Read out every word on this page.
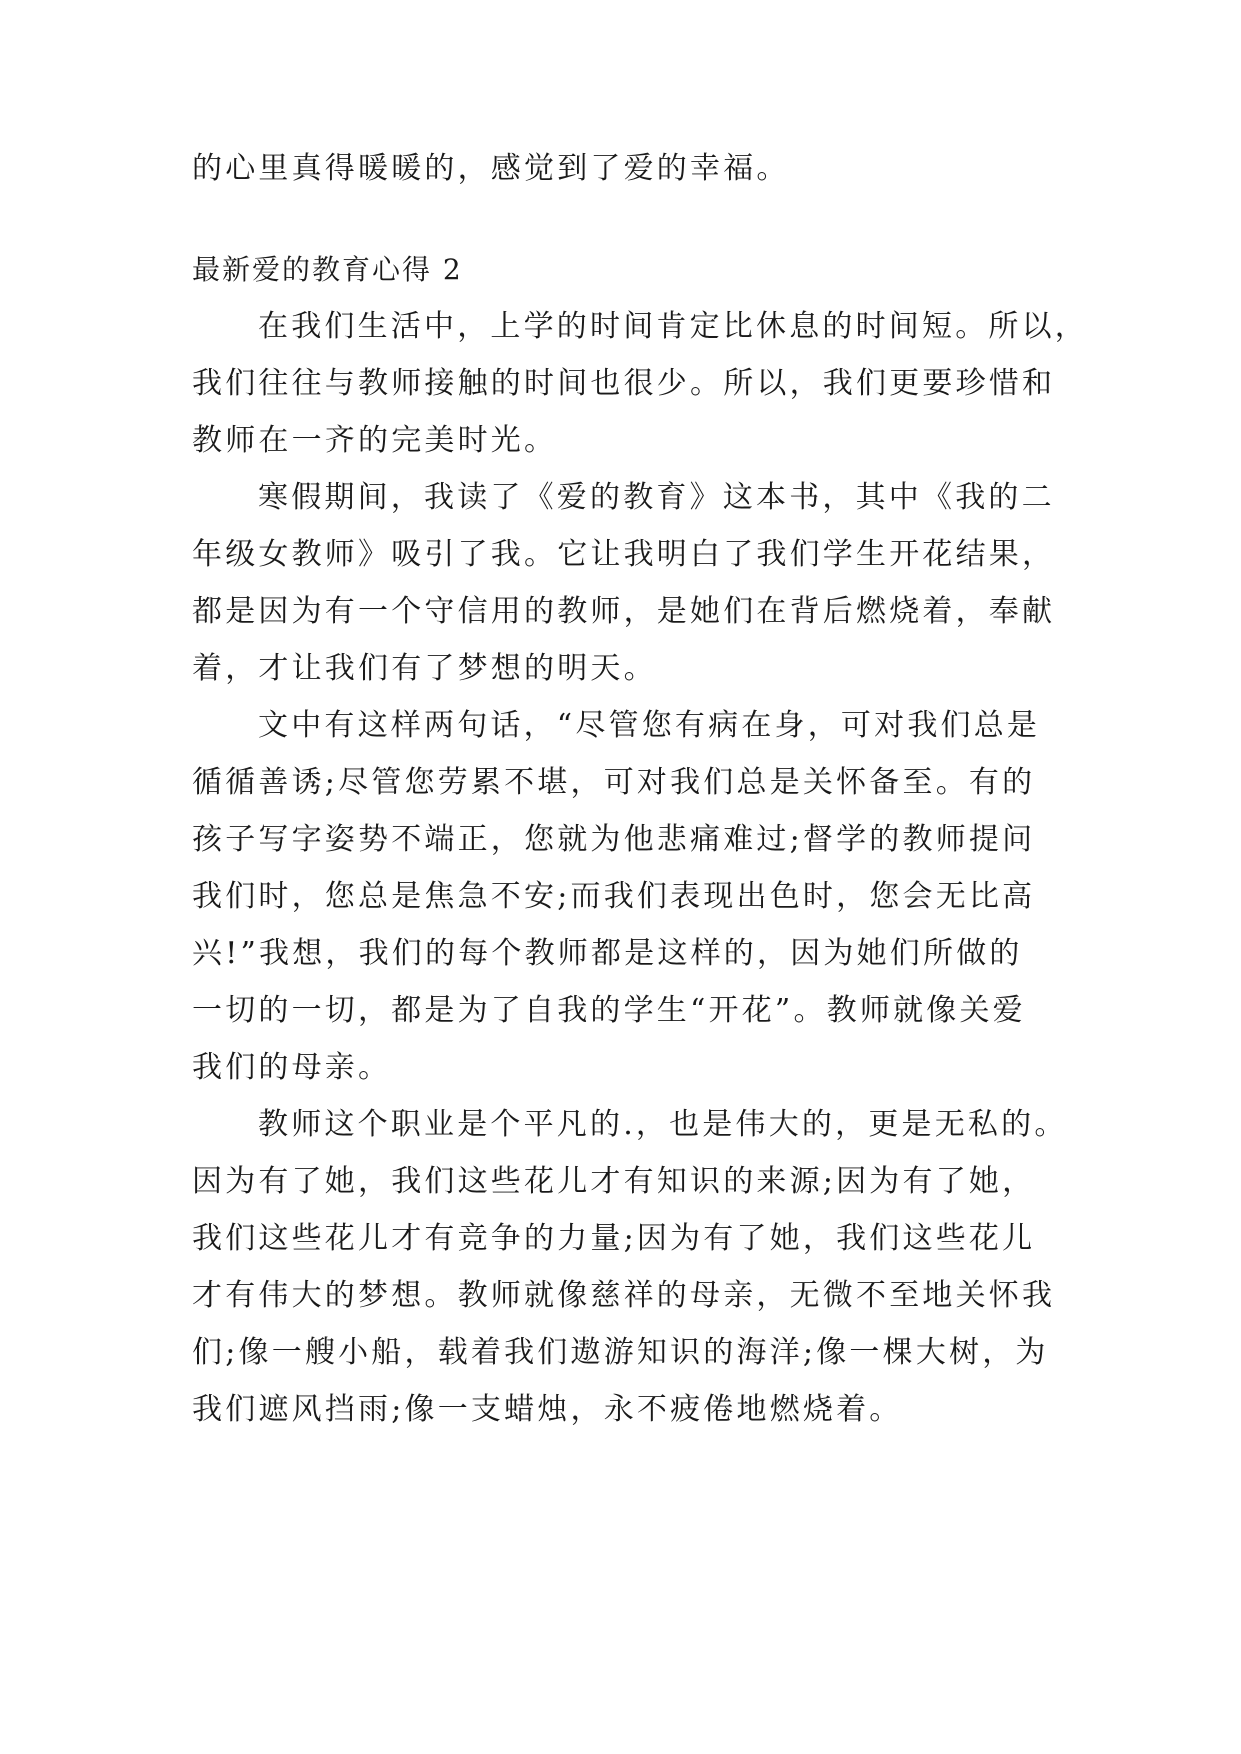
的心里真得暖暖的，感觉到了爱的幸福。
最新爱的教育心得 2
在我们生活中，上学的时间肯定比休息的时间短。所以，
我们往往与教师接触的时间也很少。所以，我们更要珍惜和
教师在一齐的完美时光。
寒假期间，我读了《爱的教育》这本书，其中《我的二
年级女教师》吸引了我。它让我明白了我们学生开花结果，
都是因为有一个守信用的教师，是她们在背后燃烧着，奉献
着，才让我们有了梦想的明天。
文中有这样两句话，“尽管您有病在身，可对我们总是
循循善诱;尽管您劳累不堪，可对我们总是关怀备至。有的
孩子写字姿势不端正，您就为他悲痛难过;督学的教师提问
我们时，您总是焦急不安;而我们表现出色时，您会无比高
兴!”我想，我们的每个教师都是这样的，因为她们所做的
一切的一切，都是为了自我的学生“开花”。教师就像关爱
我们的母亲。
教师这个职业是个平凡的.，也是伟大的，更是无私的。
因为有了她，我们这些花儿才有知识的来源;因为有了她，
我们这些花儿才有竞争的力量;因为有了她，我们这些花儿
才有伟大的梦想。教师就像慈祥的母亲，无微不至地关怀我
们;像一艘小船，载着我们遨游知识的海洋;像一棵大树，为
我们遮风挡雨;像一支蜡烛，永不疲倦地燃烧着。
